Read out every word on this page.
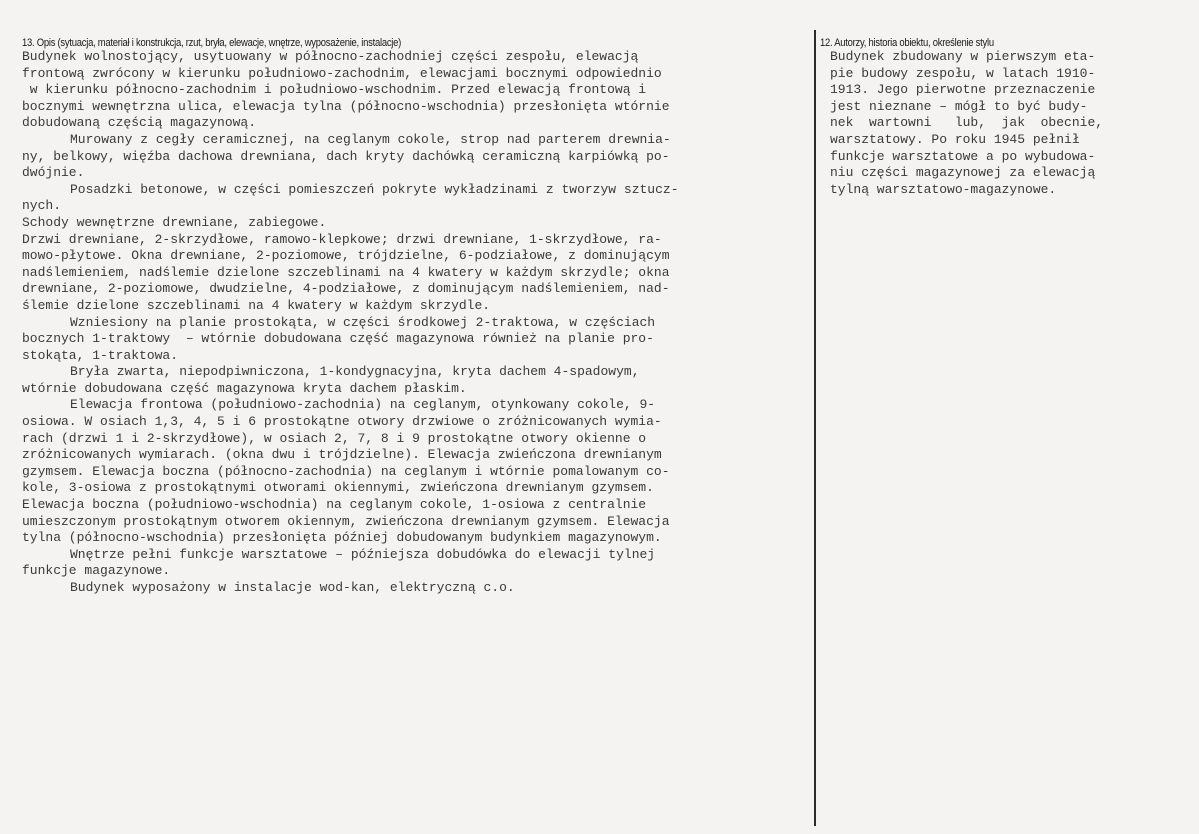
13. Opis (sytuacja, materiał i konstrukcja, rzut, bryła, elewacje, wnętrze, wyposażenie, instalacje)
Budynek wolnostojący, usytuowany w północno-zachodniej części zespołu, elewacją
frontową zwrócony w kierunku południowo-zachodnim, elewacjami bocznymi odpowiednio
w kierunku północno-zachodnim i południowo-wschodnim. Przed elewacją frontową i
bocznymi wewnętrzna ulica, elewacja tylna (północno-wschodnia) przesłonięta wtórnie
dobudowaną częścią magazynową.
Murowany z cegły ceramicznej, na ceglanym cokole, strop nad parterem drewnia-
ny, belkowy, więźba dachowa drewniana, dach kryty dachówką ceramiczną karpiówką po-
dwójnie.
Posadzki betonowe, w części pomieszczeń pokryte wykładzinami z tworzyw sztucz-
nych.
Schody wewnętrzne drewniane, zabiegowe.
Drzwi drewniane, 2-skrzydłowe, ramowo-klepkowe; drzwi drewniane, 1-skrzydłowe, ra-
mowo-płytowe. Okna drewniane, 2-poziomowe, trójdzielne, 6-podziałowe, z dominującym
nadślemieniem, nadślemie dzielone szczeblinami na 4 kwatery w każdym skrzydle; okna
drewniane, 2-poziomowe, dwudzielne, 4-podziałowe, z dominującym nadślemieniem, nad-
ślemie dzielone szczeblinami na 4 kwatery w każdym skrzydle.
Wzniesiony na planie prostokąta, w części środkowej 2-traktowa, w częściach
bocznych 1-traktowy  – wtórnie dobudowana część magazynowa również na planie pro-
stokąta, 1-traktowa.
Bryła zwarta, niepodpiwniczona, 1-kondygnacyjna, kryta dachem 4-spadowym,
wtórnie dobudowana część magazynowa kryta dachem płaskim.
Elewacja frontowa (południowo-zachodnia) na ceglanym, otynkowany cokole, 9-
osiowa. W osiach 1,3, 4, 5 i 6 prostokątne otwory drzwiowe o zróżnicowanych wymia-
rach (drzwi 1 i 2-skrzydłowe), w osiach 2, 7, 8 i 9 prostokątne otwory okienne o
zróżnicowanych wymiarach. (okna dwu i trójdzielne). Elewacja zwieńczona drewnianym
gzymsem. Elewacja boczna (północno-zachodnia) na ceglanym i wtórnie pomalowanym co-
kole, 3-osiowa z prostokątnymi otworami okiennymi, zwieńczona drewnianym gzymsem.
Elewacja boczna (południowo-wschodnia) na ceglanym cokole, 1-osiowa z centralnie
umieszczonym prostokątnym otworem okiennym, zwieńczona drewnianym gzymsem. Elewacja
tylna (północno-wschodnia) przesłonięta później dobudowanym budynkiem magazynowym.
Wnętrze pełni funkcje warsztatowe – późniejsza dobudówka do elewacji tylnej
funkcje magazynowe.
Budynek wyposażony w instalacje wod-kan, elektryczną c.o.
12. Autorzy, historia obiektu, określenie stylu
Budynek zbudowany w pierwszym eta-
pie budowy zespołu, w latach 1910-
1913. Jego pierwotne przeznaczenie
jest nieznane – mógł to być budy-
nek  wartowni   lub,  jak  obecnie,
warsztatowy. Po roku 1945 pełnił
funkcje warsztatowe a po wybudowa-
niu części magazynowej za elewacją
tylną warsztatowo-magazynowe.
